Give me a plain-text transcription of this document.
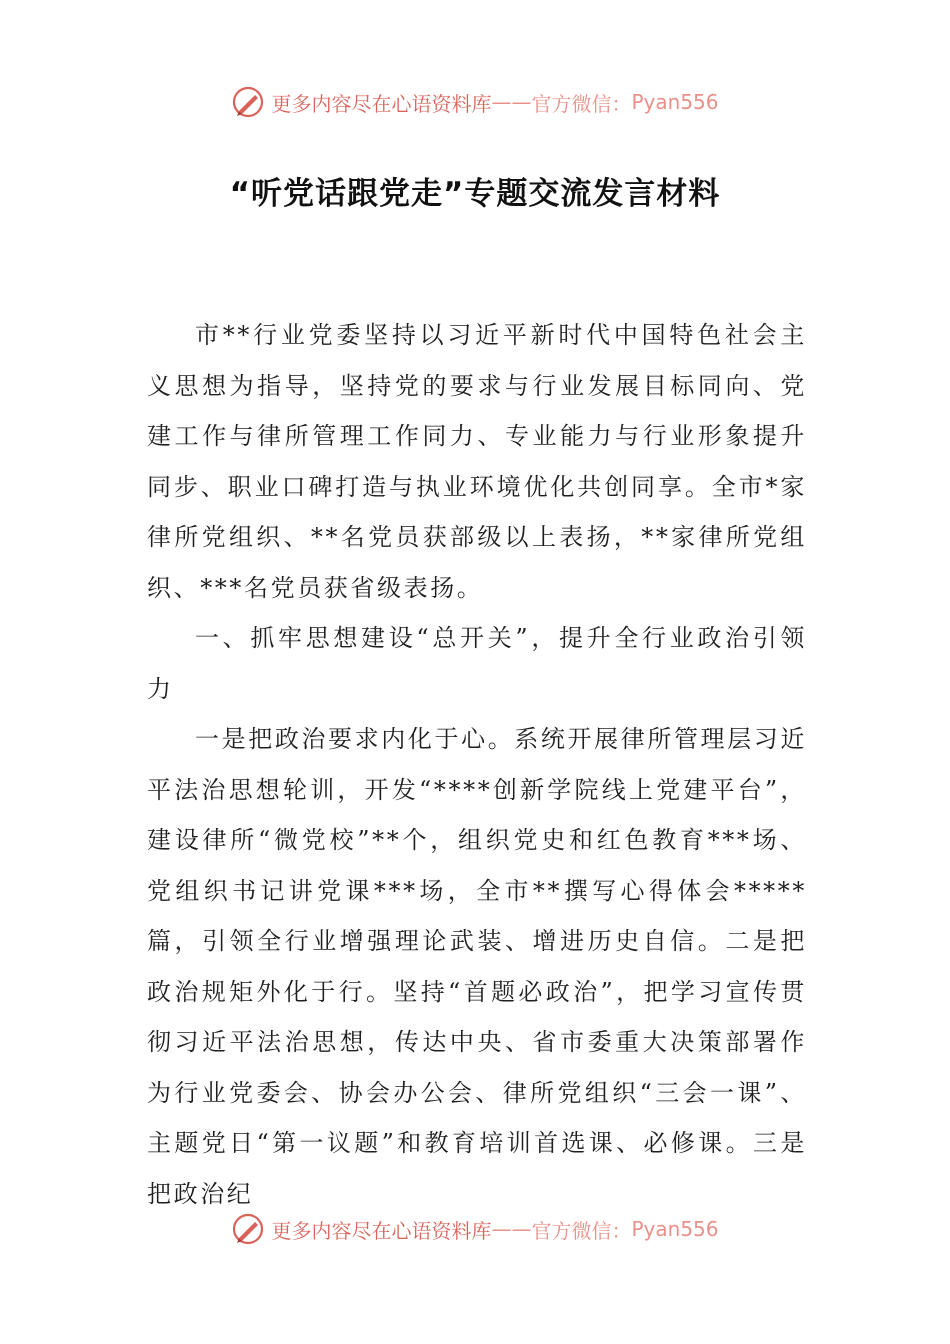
更多内容尽在心语资料库 —— 官方微信： Pyan556
“听党话跟党走”专题交流发言材料

市**行业党委坚持以习近平新时代中国特色社会主义思想为指导，坚持党的要求与行业发展目标同向、党建工作与律所管理工作同力、专业能力与行业形象提升同步、职业口碑打造与执业环境优化共创同享。全市*家律所党组织、**名党员获部级以上表扬，**家律所党组织、***名党员获省级表扬。

一、抓牢思想建设“总开关”，提升全行业政治引领力

一是把政治要求内化于心。系统开展律所管理层习近平法治思想轮训，开发“****创新学院线上党建平台”，建设律所“微党校”**个，组织党史和红色教育***场、党组织书记讲党课***场，全市**撰写心得体会*****篇，引领全行业增强理论武装、增进历史自信。二是把政治规矩外化于行。坚持“首题必政治”，把学习宣传贯彻习近平法治思想，传达中央、省市委重大决策部署作为行业党委会、协会办公会、律所党组织“三会一课”、主题党日“第一议题”和教育培训首选课、必修课。三是把政治纪

更多内容尽在心语资料库 —— 官方微信： Pyan556
